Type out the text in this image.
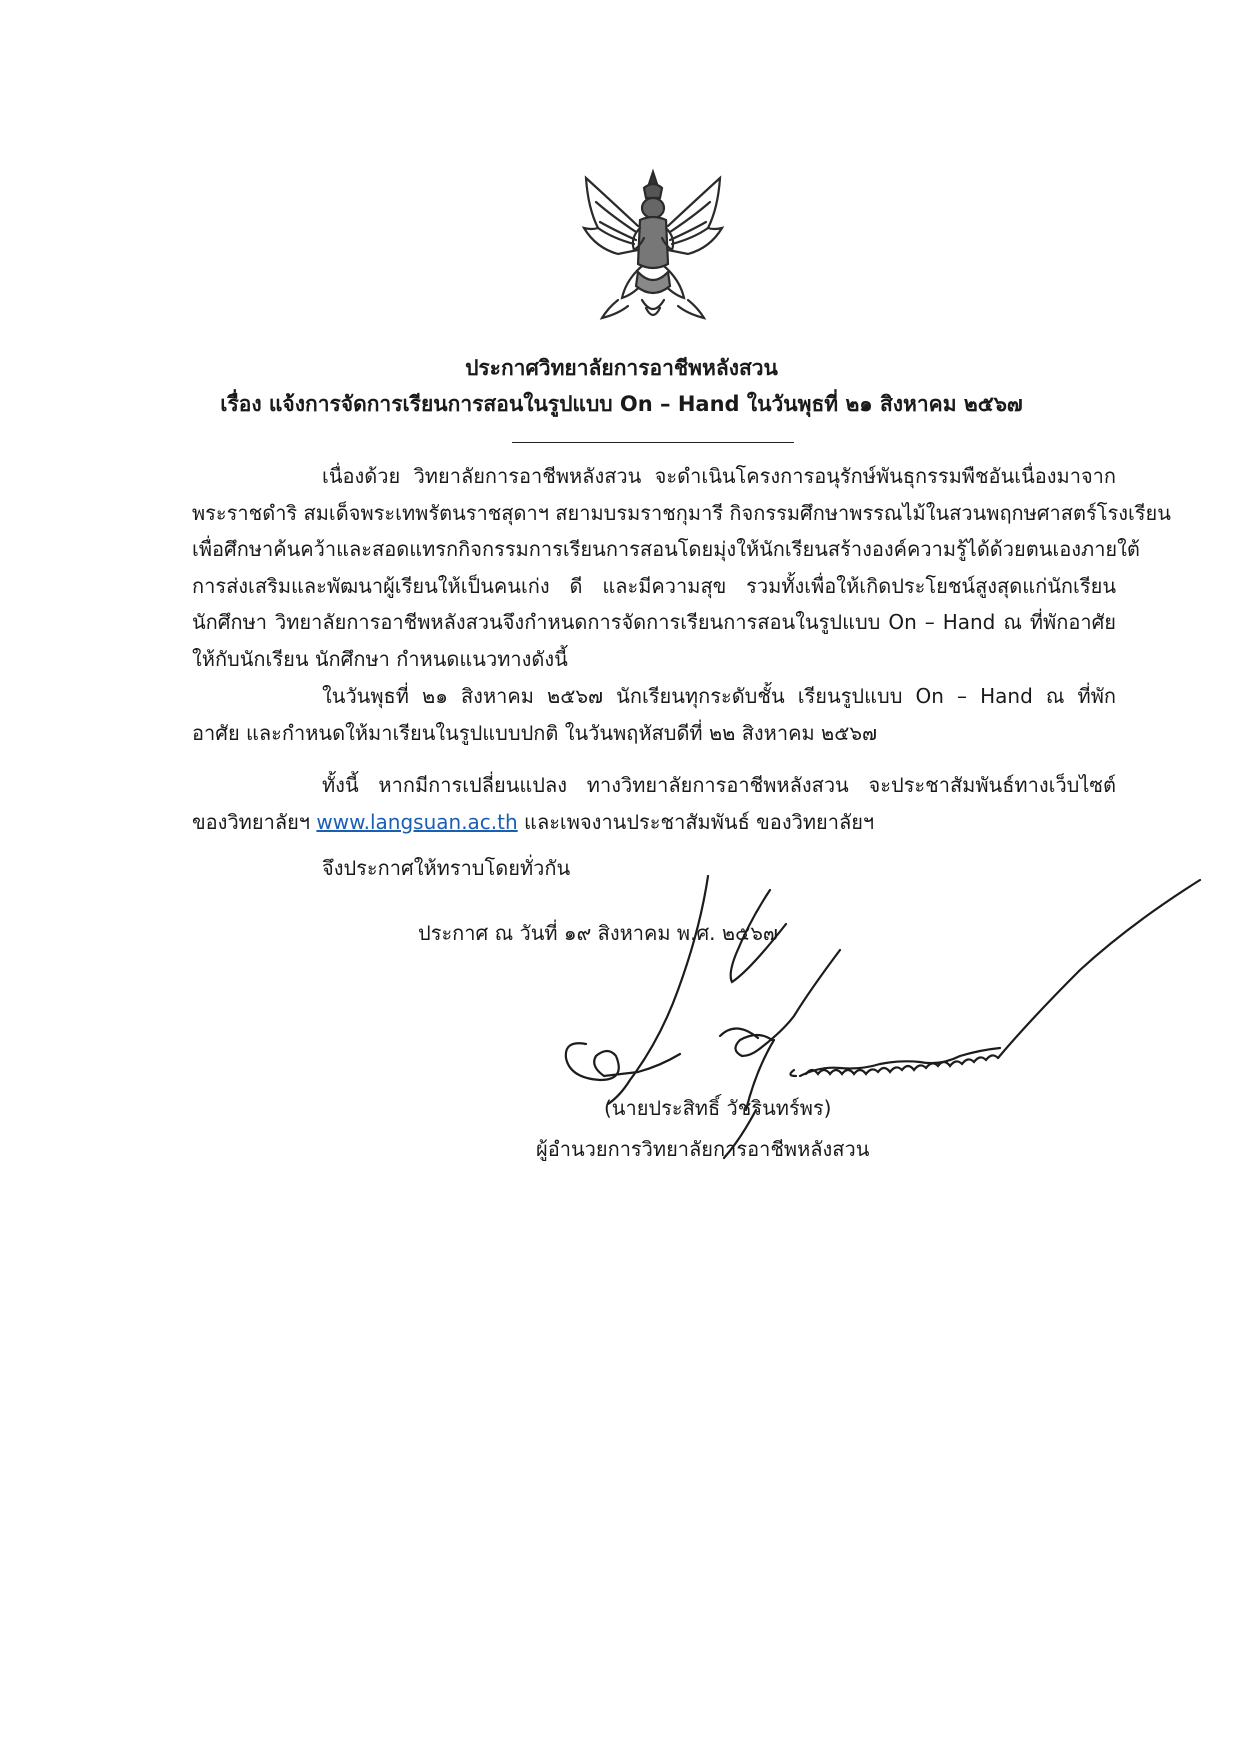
ประกาศวิทยาลัยการอาชีพหลังสวน
เรื่อง แจ้งการจัดการเรียนการสอนในรูปแบบ On – Hand ในวันพุธที่ ๒๑ สิงหาคม ๒๕๖๗
เนื่องด้วย วิทยาลัยการอาชีพหลังสวน จะดำเนินโครงการอนุรักษ์พันธุกรรมพืชอันเนื่องมาจาก
พระราชดำริ สมเด็จพระเทพรัตนราชสุดาฯ สยามบรมราชกุมารี กิจกรรมศึกษาพรรณไม้ในสวนพฤกษศาสตร์โรงเรียน
เพื่อศึกษาค้นคว้าและสอดแทรกกิจกรรมการเรียนการสอนโดยมุ่งให้นักเรียนสร้างองค์ความรู้ได้ด้วยตนเองภายใต้
การส่งเสริมและพัฒนาผู้เรียนให้เป็นคนเก่ง ดี และมีความสุข รวมทั้งเพื่อให้เกิดประโยชน์สูงสุดแก่นักเรียน
นักศึกษา วิทยาลัยการอาชีพหลังสวนจึงกำหนดการจัดการเรียนการสอนในรูปแบบ On – Hand ณ ที่พักอาศัย
ให้กับนักเรียน นักศึกษา กำหนดแนวทางดังนี้
ในวันพุธที่ ๒๑ สิงหาคม ๒๕๖๗ นักเรียนทุกระดับชั้น เรียนรูปแบบ On – Hand ณ ที่พัก
อาศัย และกำหนดให้มาเรียนในรูปแบบปกติ ในวันพฤหัสบดีที่ ๒๒ สิงหาคม ๒๕๖๗
ทั้งนี้ หากมีการเปลี่ยนแปลง ทางวิทยาลัยการอาชีพหลังสวน จะประชาสัมพันธ์ทางเว็บไซต์
ของวิทยาลัยฯ www.langsuan.ac.th และเพจงานประชาสัมพันธ์ ของวิทยาลัยฯ
จึงประกาศให้ทราบโดยทั่วกัน
ประกาศ ณ วันที่ ๑๙ สิงหาคม พ.ศ. ๒๕๖๗
(นายประสิทธิ์ วัชรินทร์พร)
ผู้อำนวยการวิทยาลัยการอาชีพหลังสวน
